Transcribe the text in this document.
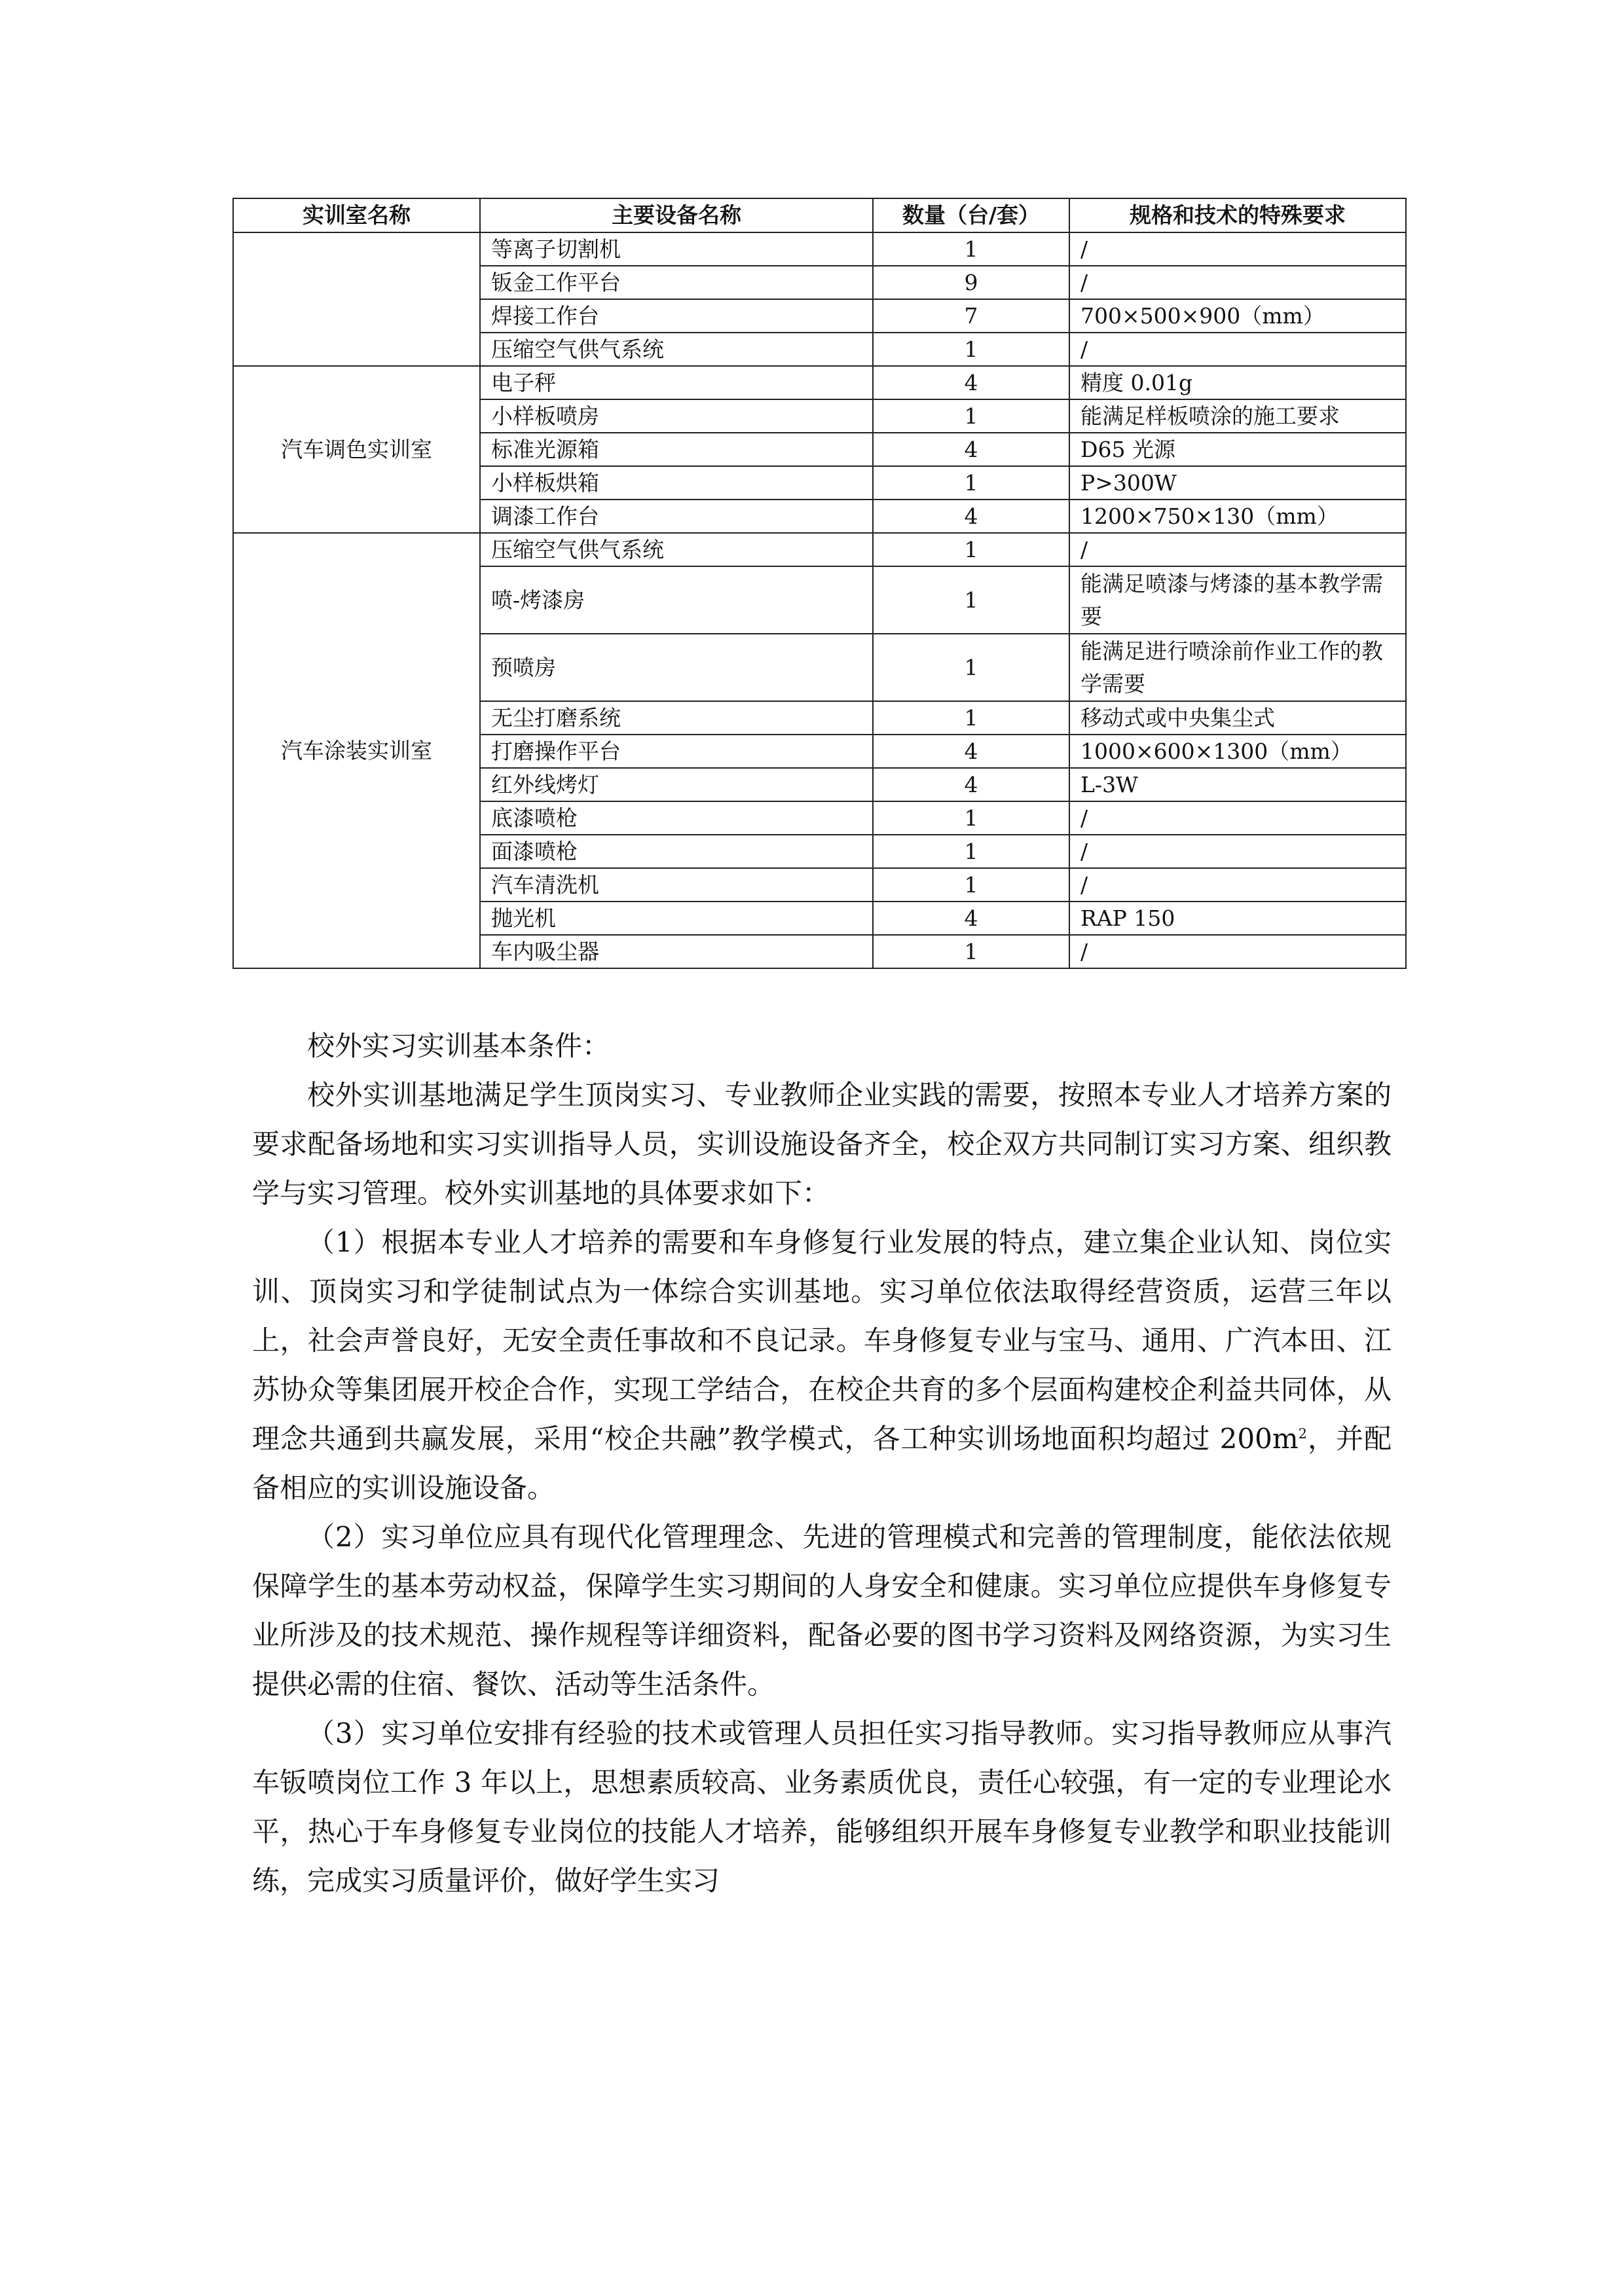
实训室名称	主要设备名称	数量（台/套）	规格和技术的特殊要求
	等离子切割机	1	/
	钣金工作平台	9	/
	焊接工作台	7	700×500×900（mm）
	压缩空气供气系统	1	/
汽车调色实训室	电子秤	4	精度 0.01g
	小样板喷房	1	能满足样板喷涂的施工要求
	标准光源箱	4	D65 光源
	小样板烘箱	1	P>300W
	调漆工作台	4	1200×750×130（mm）
汽车涂装实训室	压缩空气供气系统	1	/
	喷-烤漆房	1	能满足喷漆与烤漆的基本教学需要
	预喷房	1	能满足进行喷涂前作业工作的教学需要
	无尘打磨系统	1	移动式或中央集尘式
	打磨操作平台	4	1000×600×1300（mm）
	红外线烤灯	4	L-3W
	底漆喷枪	1	/
	面漆喷枪	1	/
	汽车清洗机	1	/
	抛光机	4	RAP 150
	车内吸尘器	1	/

校外实习实训基本条件：

校外实训基地满足学生顶岗实习、专业教师企业实践的需要，按照本专业人才培养方案的要求配备场地和实习实训指导人员，实训设施设备齐全，校企双方共同制订实习方案、组织教学与实习管理。校外实训基地的具体要求如下：

（1）根据本专业人才培养的需要和车身修复行业发展的特点，建立集企业认知、岗位实训、顶岗实习和学徒制试点为一体综合实训基地。实习单位依法取得经营资质，运营三年以上，社会声誉良好，无安全责任事故和不良记录。车身修复专业与宝马、通用、广汽本田、江苏协众等集团展开校企合作，实现工学结合，在校企共育的多个层面构建校企利益共同体，从理念共通到共赢发展，采用“校企共融”教学模式，各工种实训场地面积均超过 $200m^2$，并配备相应的实训设施设备。

（2）实习单位应具有现代化管理理念、先进的管理模式和完善的管理制度，能依法依规保障学生的基本劳动权益，保障学生实习期间的人身安全和健康。实习单位应提供车身修复专业所涉及的技术规范、操作规程等详细资料，配备必要的图书学习资料及网络资源，为实习生提供必需的住宿、餐饮、活动等生活条件。

（3）实习单位安排有经验的技术或管理人员担任实习指导教师。实习指导教师应从事汽车钣喷岗位工作 3 年以上，思想素质较高、业务素质优良，责任心较强，有一定的专业理论水平，热心于车身修复专业岗位的技能人才培养，能够组织开展车身修复专业教学和职业技能训练，完成实习质量评价，做好学生实习
